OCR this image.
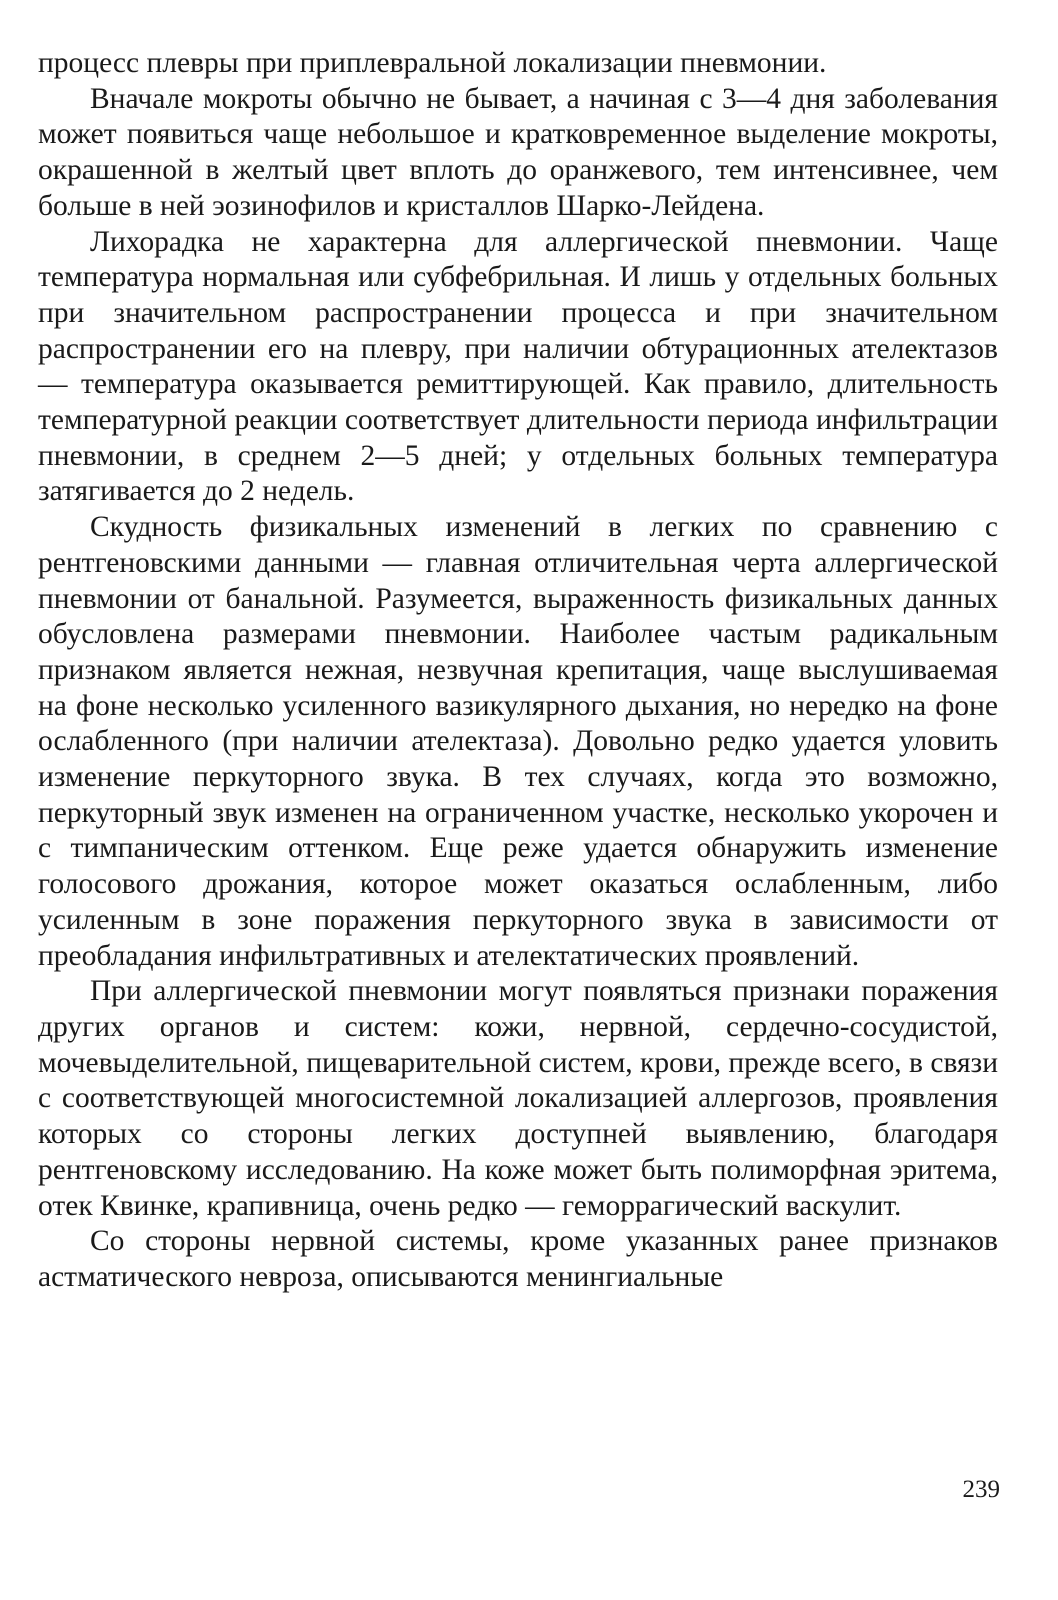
процесс плевры при приплевральной локализации пневмонии.

Вначале мокроты обычно не бывает, а начиная с 3—4 дня заболевания может появиться чаще небольшое и кратковременное выделение мокроты, окрашенной в желтый цвет вплоть до оранжевого, тем интенсивнее, чем больше в ней эозинофилов и кристаллов Шарко-Лейдена.

Лихорадка не характерна для аллергической пневмонии. Чаще температура нормальная или субфебрильная. И лишь у отдельных больных при значительном распространении процесса и при значительном распространении его на плевру, при наличии обтурационных ателектазов — температура оказывается ремиттирующей. Как правило, длительность температурной реакции соответствует длительности периода инфильтрации пневмонии, в среднем 2—5 дней; у отдельных больных температура затягивается до 2 недель.

Скудность физикальных изменений в легких по сравнению с рентгеновскими данными — главная отличительная черта аллергической пневмонии от банальной. Разумеется, выраженность физикальных данных обусловлена размерами пневмонии. Наиболее частым радикальным признаком является нежная, незвучная крепитация, чаще выслушиваемая на фоне несколько усиленного вазикулярного дыхания, но нередко на фоне ослабленного (при наличии ателектаза). Довольно редко удается уловить изменение перкуторного звука. В тех случаях, когда это возможно, перкуторный звук изменен на ограниченном участке, несколько укорочен и с тимпаническим оттенком. Еще реже удается обнаружить изменение голосового дрожания, которое может оказаться ослабленным, либо усиленным в зоне поражения перкуторного звука в зависимости от преобладания инфильтративных и ателектатических проявлений.

При аллергической пневмонии могут появляться признаки поражения других органов и систем: кожи, нервной, сердечно-сосудистой, мочевыделительной, пищеварительной систем, крови, прежде всего, в связи с соответствующей многосистемной локализацией аллергозов, проявления которых со стороны легких доступней выявлению, благодаря рентгеновскому исследованию. На коже может быть полиморфная эритема, отек Квинке, крапивница, очень редко — геморрагический васкулит.

Со стороны нервной системы, кроме указанных ранее признаков астматического невроза, описываются менингиальные

239
